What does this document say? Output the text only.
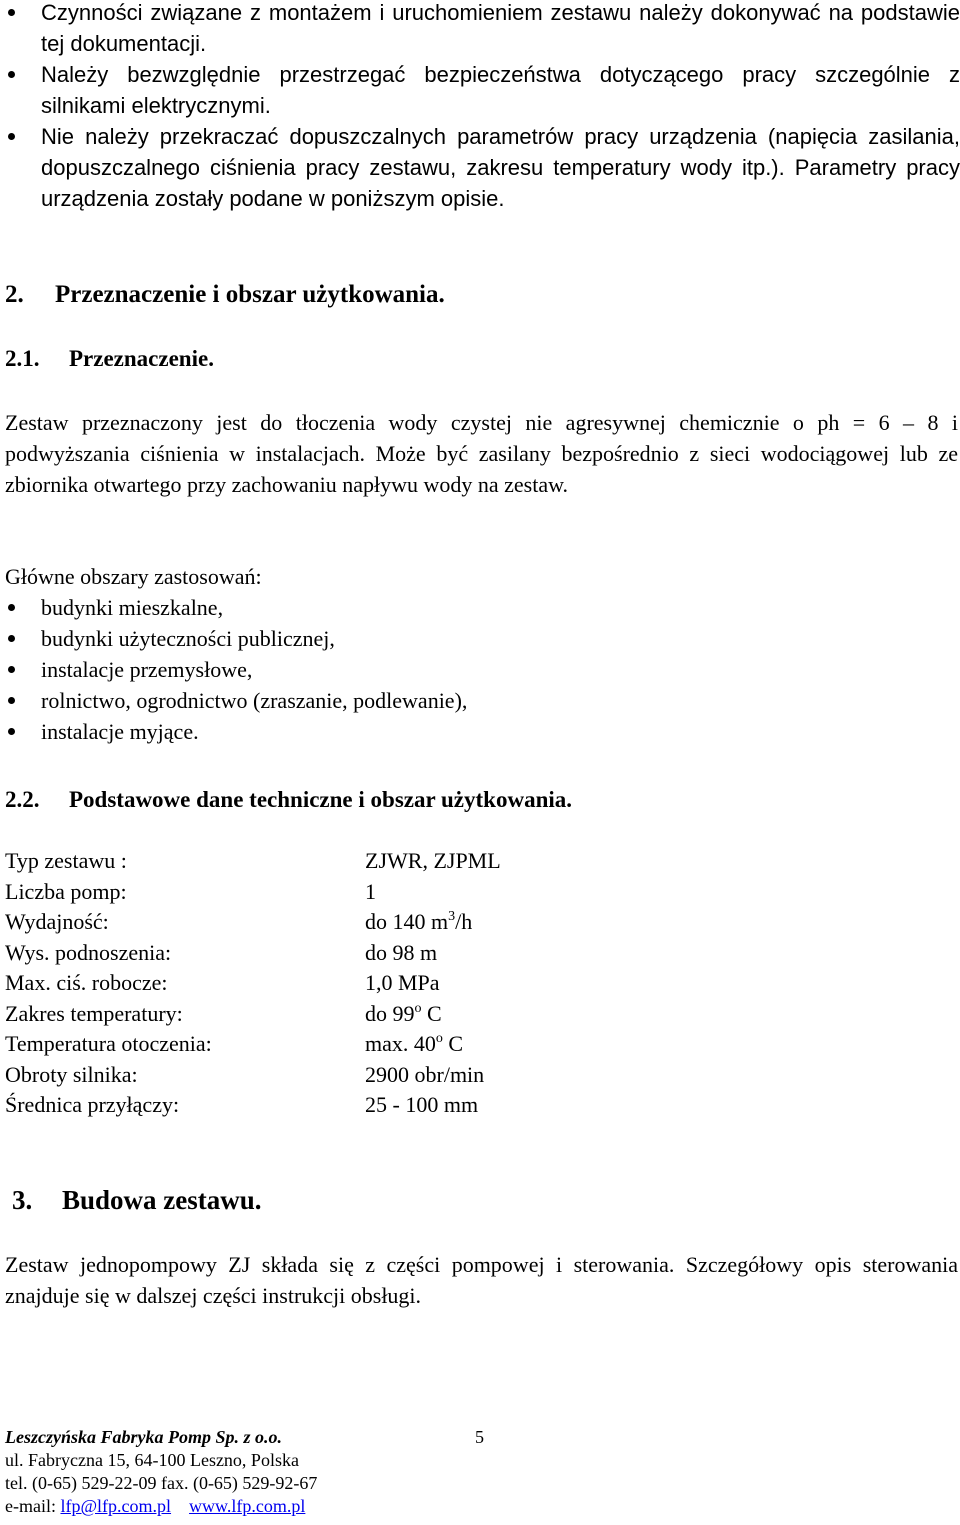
Czynności związane z montażem i uruchomieniem zestawu należy dokonywać na podstawie tej dokumentacji.
Należy bezwzględnie przestrzegać bezpieczeństwa dotyczącego pracy szczególnie z silnikami elektrycznymi.
Nie należy przekraczać dopuszczalnych parametrów pracy urządzenia (napięcia zasilania, dopuszczalnego ciśnienia pracy zestawu, zakresu temperatury wody itp.). Parametry pracy urządzenia zostały podane w poniższym opisie.
2. Przeznaczenie i obszar użytkowania.
2.1. Przeznaczenie.

Zestaw przeznaczony jest do tłoczenia wody czystej nie agresywnej chemicznie o ph = 6 – 8 i podwyższania ciśnienia w instalacjach. Może być zasilany bezpośrednio z sieci wodociągowej lub ze zbiornika otwartego przy zachowaniu napływu wody na zestaw.

Główne obszary zastosowań:
budynki mieszkalne,
budynki użyteczności publicznej,
instalacje przemysłowe,
rolnictwo, ogrodnictwo (zraszanie, podlewanie),
instalacje myjące.
2.2. Podstawowe dane techniczne i obszar użytkowania.
Typ zestawu :	ZJWR, ZJPML
Liczba pomp:	1
Wydajność:	do 140 $m^3/h$
Wys. podnoszenia:	do 98 m
Max. ciś. robocze:	1,0 MPa
Zakres temperatury:	do 99$^o$ C
Temperatura otoczenia:	max. 40$^o$ C
Obroty silnika:	2900 obr/min
Średnica przyłączy:	25 - 100 mm
3. Budowa zestawu.

Zestaw jednopompowy ZJ składa się z części pompowej i sterowania. Szczegółowy opis sterowania znajduje się w dalszej części instrukcji obsługi.

Leszczyńska Fabryka Pomp Sp. z o.o.
ul. Fabryczna 15, 64-100 Leszno, Polska
tel. (0-65) 529-22-09 fax. (0-65) 529-92-67
e-mail: lfp@lfp.com.pl www.lfp.com.pl
5
